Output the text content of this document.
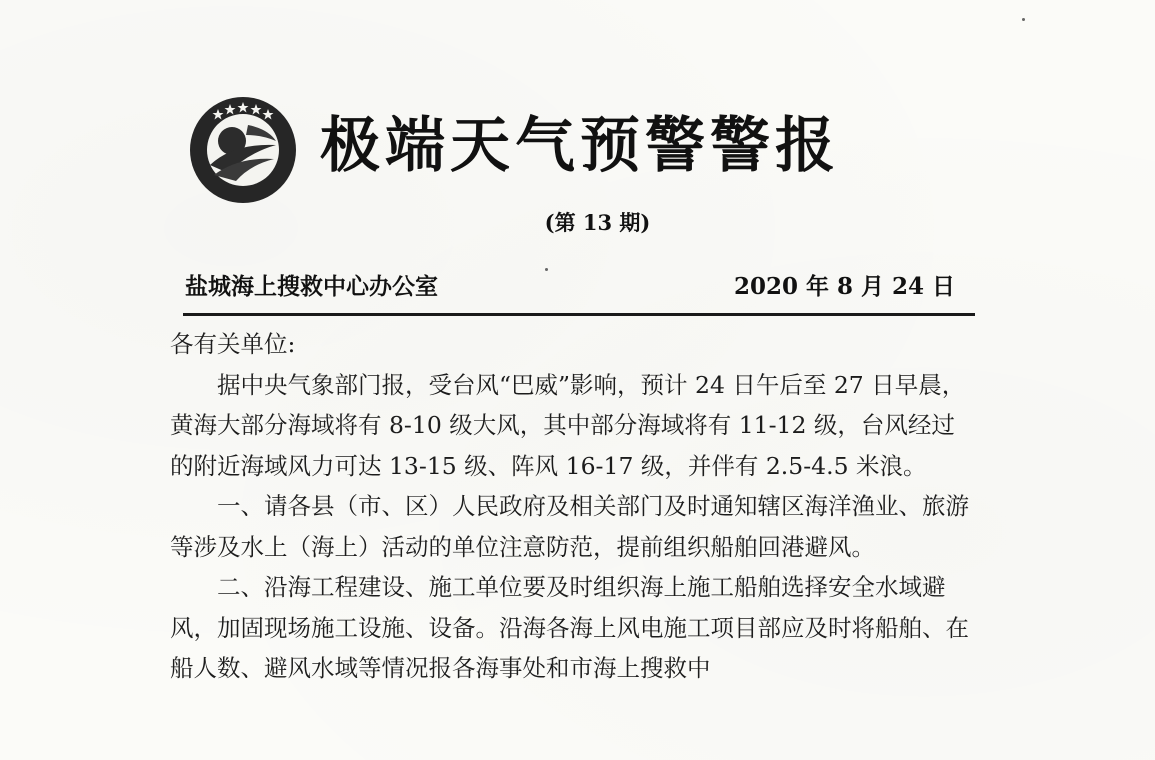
极端天气预警警报
(第 13 期)
盐城海上搜救中心办公室	2020 年 8 月 24 日

各有关单位:

据中央气象部门报，受台风“巴威”影响，预计 24 日午后至 27 日早晨，黄海大部分海域将有 8-10 级大风，其中部分海域将有 11-12 级，台风经过的附近海域风力可达 13-15 级、阵风 16-17 级，并伴有 2.5-4.5 米浪。

一、请各县（市、区）人民政府及相关部门及时通知辖区海洋渔业、旅游等涉及水上（海上）活动的单位注意防范，提前组织船舶回港避风。

二、沿海工程建设、施工单位要及时组织海上施工船舶选择安全水域避风，加固现场施工设施、设备。沿海各海上风电施工项目部应及时将船舶、在船人数、避风水域等情况报各海事处和市海上搜救中
